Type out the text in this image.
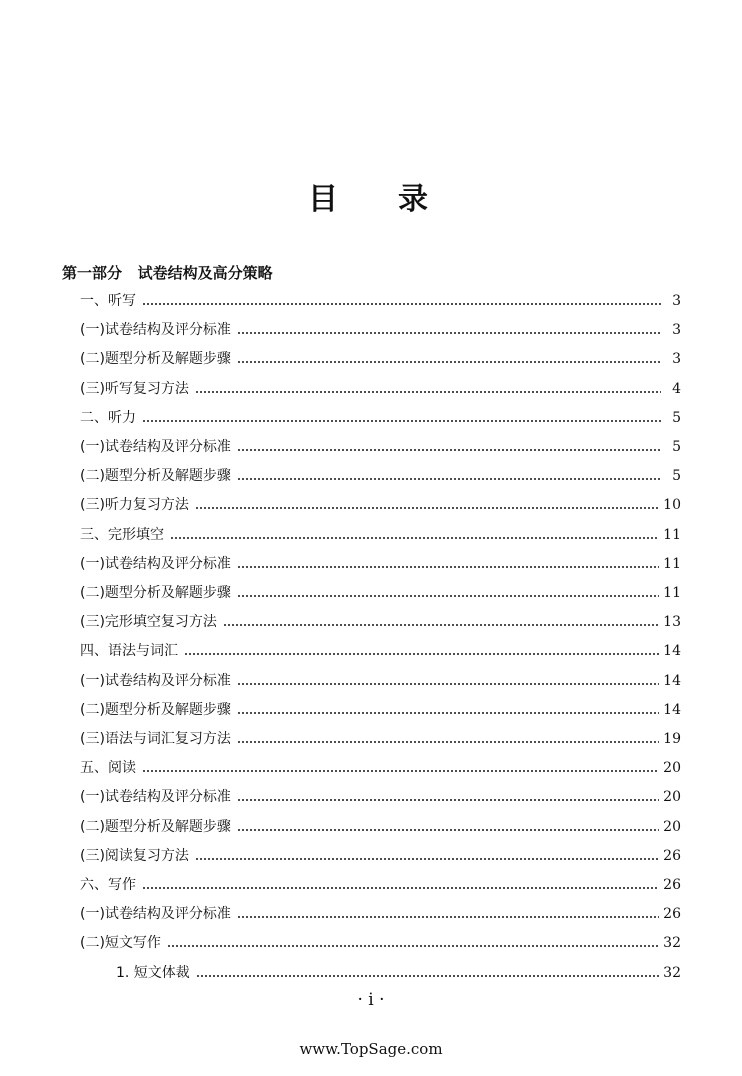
目 录
第一部分   试卷结构及高分策略
一、听写	3
(一)试卷结构及评分标准	3
(二)题型分析及解题步骤	3
(三)听写复习方法	4
二、听力	5
(一)试卷结构及评分标准	5
(二)题型分析及解题步骤	5
(三)听力复习方法	10
三、完形填空	11
(一)试卷结构及评分标准	11
(二)题型分析及解题步骤	11
(三)完形填空复习方法	13
四、语法与词汇	14
(一)试卷结构及评分标准	14
(二)题型分析及解题步骤	14
(三)语法与词汇复习方法	19
五、阅读	20
(一)试卷结构及评分标准	20
(二)题型分析及解题步骤	20
(三)阅读复习方法	26
六、写作	26
(一)试卷结构及评分标准	26
(二)短文写作	32
1. 短文体裁	32
· i ·
www.TopSage.com
